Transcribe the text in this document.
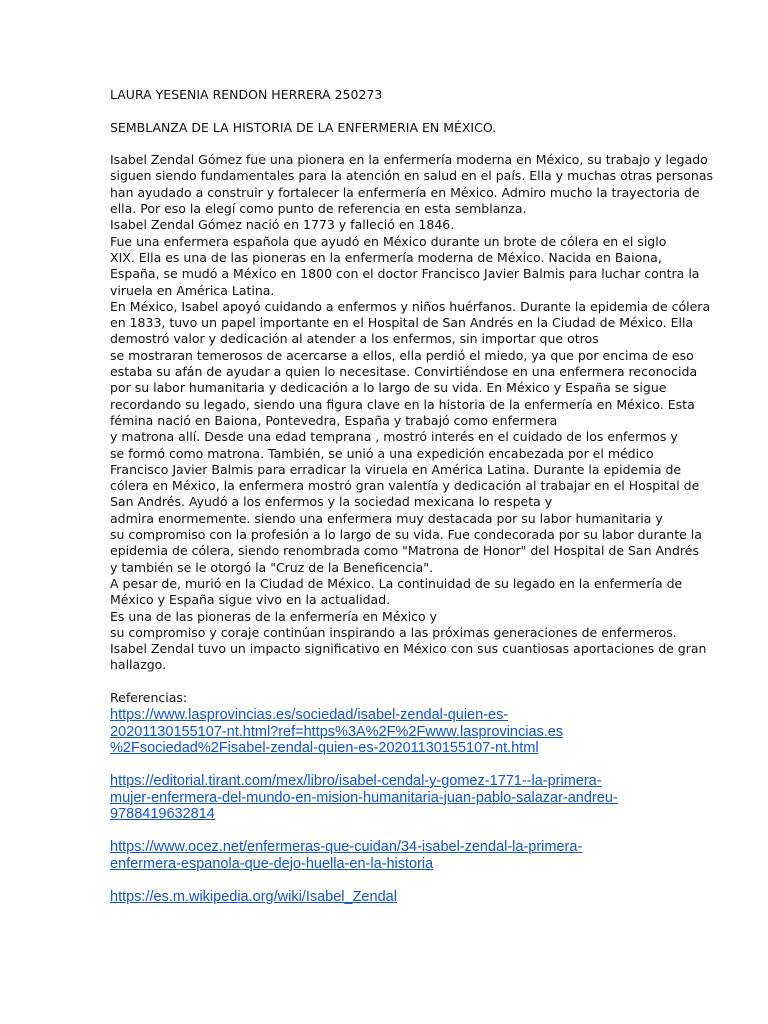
LAURA YESENIA RENDON HERRERA 250273
SEMBLANZA DE LA HISTORIA DE LA ENFERMERIA EN MÉXICO.
Isabel Zendal Gómez fue una pionera en la enfermería moderna en México, su trabajo y legado
siguen siendo fundamentales para la atención en salud en el país. Ella y muchas otras personas
han ayudado a construir y fortalecer la enfermería en México. Admiro mucho la trayectoria de
ella. Por eso la elegí como punto de referencia en esta semblanza.
Isabel Zendal Gómez nació en 1773 y falleció en 1846.
Fue una enfermera española que ayudó en México durante un brote de cólera en el siglo
XIX. Ella es una de las pioneras en la enfermería moderna de México. Nacida en Baiona,
España, se mudó a México en 1800 con el doctor Francisco Javier Balmis para luchar contra la
viruela en América Latina.
En México, Isabel apoyó cuidando a enfermos y niños huérfanos. Durante la epidemia de cólera
en 1833, tuvo un papel importante en el Hospital de San Andrés en la Ciudad de México. Ella
demostró valor y dedicación al atender a los enfermos, sin importar que otros
se mostraran temerosos de acercarse a ellos, ella perdió el miedo, ya que por encima de eso
estaba su afán de ayudar a quien lo necesitase. Convirtiéndose en una enfermera reconocida
por su labor humanitaria y dedicación a lo largo de su vida. En México y España se sigue
recordando su legado, siendo una figura clave en la historia de la enfermería en México. Esta
fémina nació en Baiona, Pontevedra, España y trabajó como enfermera
y matrona allí. Desde una edad temprana , mostró interés en el cuidado de los enfermos y
se formó como matrona. También, se unió a una expedición encabezada por el médico
Francisco Javier Balmis para erradicar la viruela en América Latina. Durante la epidemia de
cólera en México, la enfermera mostró gran valentía y dedicación al trabajar en el Hospital de
San Andrés. Ayudó a los enfermos y la sociedad mexicana lo respeta y
admira enormemente. siendo una enfermera muy destacada por su labor humanitaria y
su compromiso con la profesión a lo largo de su vida. Fue condecorada por su labor durante la
epidemia de cólera, siendo renombrada como "Matrona de Honor" del Hospital de San Andrés
y también se le otorgó la "Cruz de la Beneficencia".
A pesar de, murió en la Ciudad de México. La continuidad de su legado en la enfermería de
México y España sigue vivo en la actualidad.
Es una de las pioneras de la enfermería en México y
su compromiso y coraje continúan inspirando a las próximas generaciones de enfermeros.
Isabel Zendal tuvo un impacto significativo en México con sus cuantiosas aportaciones de gran
hallazgo.
Referencias:
https://www.lasprovincias.es/sociedad/isabel-zendal-quien-es-
20201130155107-nt.html?ref=https%3A%2F%2Fwww.lasprovincias.es
%2Fsociedad%2Fisabel-zendal-quien-es-20201130155107-nt.html
https://editorial.tirant.com/mex/libro/isabel-cendal-y-gomez-1771--la-primera-
mujer-enfermera-del-mundo-en-mision-humanitaria-juan-pablo-salazar-andreu-
9788419632814
https://www.ocez.net/enfermeras-que-cuidan/34-isabel-zendal-la-primera-
enfermera-espanola-que-dejo-huella-en-la-historia
https://es.m.wikipedia.org/wiki/Isabel_Zendal
